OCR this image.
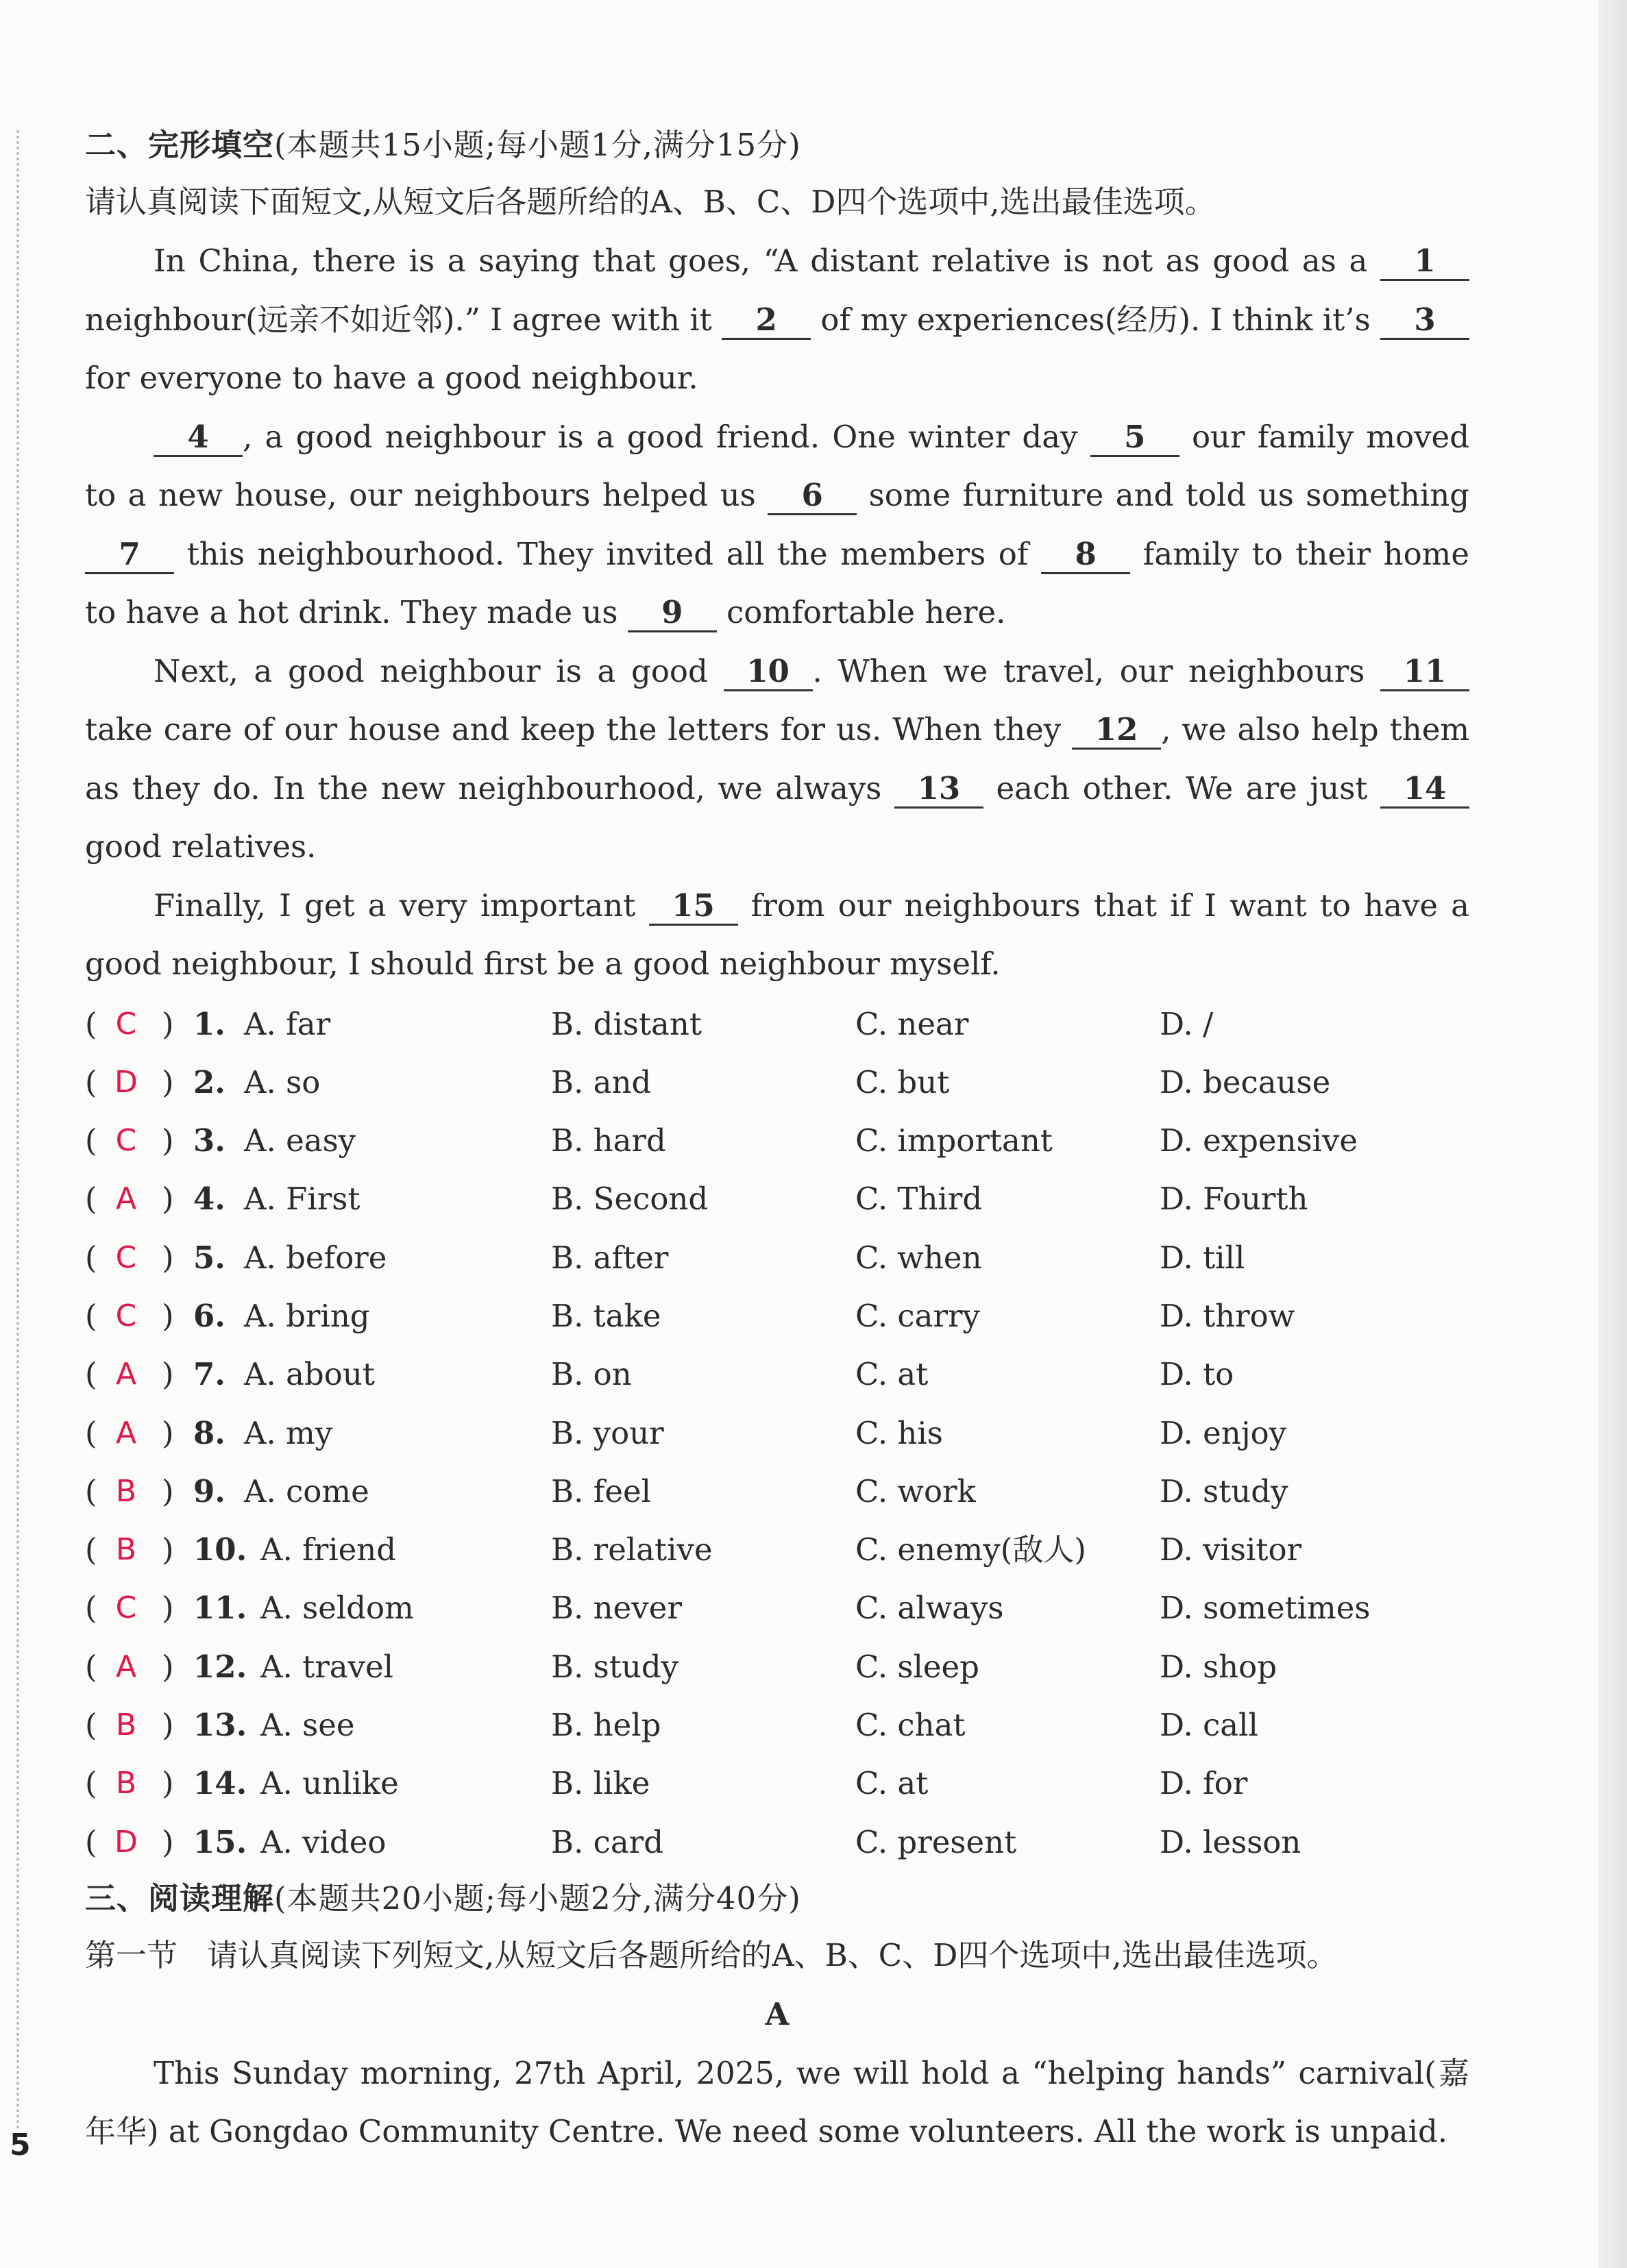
二、完形填空(本题共15小题;每小题1分,满分15分)
请认真阅读下面短文,从短文后各题所给的A、B、C、D四个选项中,选出最佳选项。

In China, there is a saying that goes, “A distant relative is not as good as a 1 neighbour(远亲不如近邻).” I agree with it 2 of my experiences(经历). I think it’s 3 for everyone to have a good neighbour.

4 , a good neighbour is a good friend. One winter day 5 our family moved to a new house, our neighbours helped us 6 some furniture and told us something 7 this neighbourhood. They invited all the members of 8 family to their home to have a hot drink. They made us 9 comfortable here.

Next, a good neighbour is a good 10 . When we travel, our neighbours 11 take care of our house and keep the letters for us. When they 12 , we also help them as they do. In the new neighbourhood, we always 13 each other. We are just 14 good relatives.

Finally, I get a very important 15 from our neighbours that if I want to have a good neighbour, I should first be a good neighbour myself.

( C ) 1. A. far	B. distant	C. near	D. /
( D ) 2. A. so	B. and	C. but	D. because
( C ) 3. A. easy	B. hard	C. important	D. expensive
( A ) 4. A. First	B. Second	C. Third	D. Fourth
( C ) 5. A. before	B. after	C. when	D. till
( C ) 6. A. bring	B. take	C. carry	D. throw
( A ) 7. A. about	B. on	C. at	D. to
( A ) 8. A. my	B. your	C. his	D. enjoy
( B ) 9. A. come	B. feel	C. work	D. study
( B ) 10. A. friend	B. relative	C. enemy(敌人) D. visitor
( C ) 11. A. seldom	B. never	C. always	D. sometimes
( A ) 12. A. travel	B. study	C. sleep	D. shop
( B ) 13. A. see	B. help	C. chat	D. call
( B ) 14. A. unlike	B. like	C. at	D. for
( D ) 15. A. video	B. card	C. present	D. lesson
三、阅读理解(本题共20小题;每小题2分,满分40分)
第一节 请认真阅读下列短文,从短文后各题所给的A、B、C、D四个选项中,选出最佳选项。
A

This Sunday morning, 27th April, 2025, we will hold a “helping hands” carnival(嘉年华) at Gongdao Community Centre. We need some volunteers. All the work is unpaid.

5
